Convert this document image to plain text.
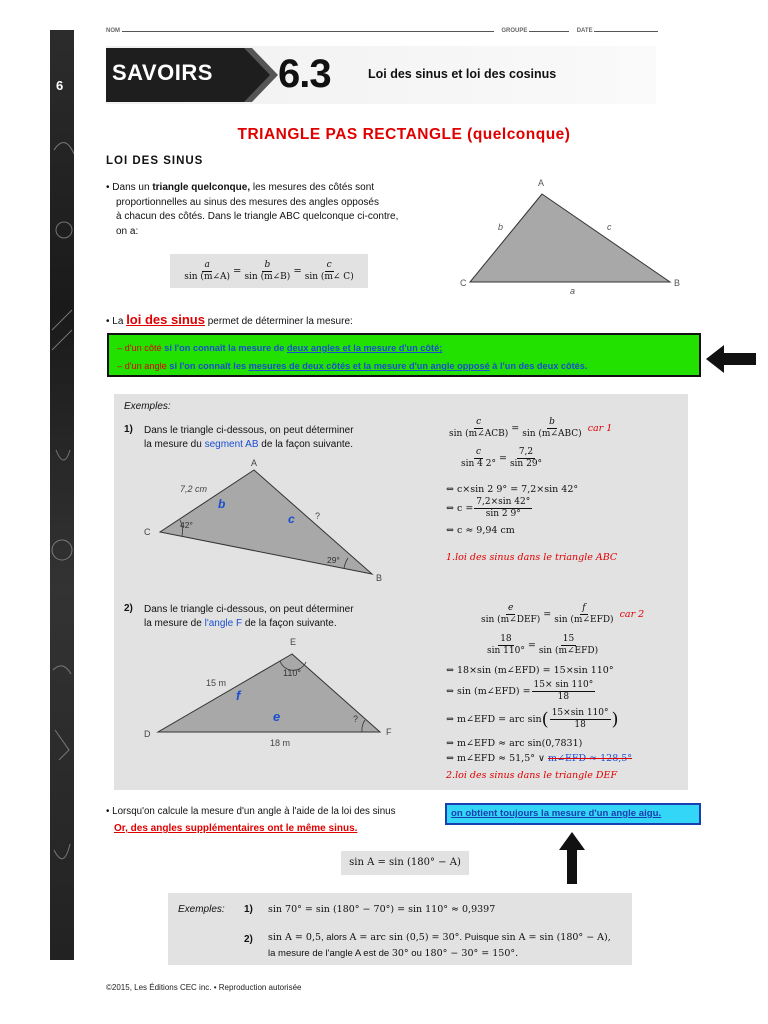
6
NOM	GROUPE	DATE
SAVOIRS 6.3	Loi des sinus et loi des cosinus
TRIANGLE PAS RECTANGLE (quelconque)
LOI DES SINUS
• Dans un triangle quelconque, les mesures des côtés sont
proportionnelles au sinus des mesures des angles opposés
à chacun des côtés. Dans le triangle ABC quelconque ci-contre,
on a:
$\frac{a}{\sin (m\angle A)} = \frac{b}{\sin (m\angle B)} = \frac{c}{\sin (m\angle C)}$
A
C	B
b	c
a
• La loi des sinus permet de déterminer la mesure:
– d'un côté si l'on connaît la mesure de deux angles et la mesure d'un côté;
– d'un angle si l'on connaît les mesures de deux côtés et la mesure d'un angle opposé à l'un des deux côtés.
Exemples:
1) Dans le triangle ci-dessous, on peut déterminer
la mesure du segment AB de la façon suivante.
A
C
B
7,2 cm
b
c ?
42°
29°
$\frac{c}{\text{sin (m∠ACB)}} = \frac{b}{\text{sin (m∠ABC)}}$ car 1
$\frac{c}{\sin 4 2^\circ} = \frac{7,2}{\sin 29^\circ}$
⇔ c×sin 2 9° = 7,2×sin 42°
⇔ $c = \frac{7,2\times\sin 42^\circ}{\sin 2 9^\circ}$
⇔ c ≈ 9,94 cm
1.loi des sinus dans le triangle ABC
2) Dans le triangle ci-dessous, on peut déterminer
la mesure de l'angle F de la façon suivante.
E
D	F
110°
15 m
18 m
f
e	?
$\frac{e}{\text{sin (m∠DEF)}} = \frac{f}{\text{sin (m∠EFD)}}$ car 2
$\frac{18}{\sin 110^\circ} = \frac{15}{\text{sin (m∠EFD)}}$
⇔ 18×sin (m∠EFD) = 15×sin 110°
⇔ sin (m∠EFD) = $\frac{15\times \sin 110^\circ}{18}$
⇔ m∠EFD = arc $\sin( \frac{15\times\sin 110^\circ}{18}$ )
⇔ m∠EFD ≈ arc sin(0,7831)
⇔ m∠EFD ≈ 51,5° ∨ m∠EFD ≈ 128,5°
2.loi des sinus dans le triangle DEF
• Lorsqu'on calcule la mesure d'un angle à l'aide de la loi des sinus	on obtient toujours la mesure d'un angle aigu.
Or, des angles supplémentaires ont le même sinus.
sin A = sin (180° − A)
Exemples: 1) sin 70° = sin (180° − 70°) = sin 110° ≈ 0,9397
2) sin A = 0,5, alors A = arc sin (0,5) = 30°. Puisque sin A = sin (180° − A),
la mesure de l'angle A est de 30° ou 180° − 30° = 150°.
©2015, Les Éditions CEC inc. • Reproduction autorisée
